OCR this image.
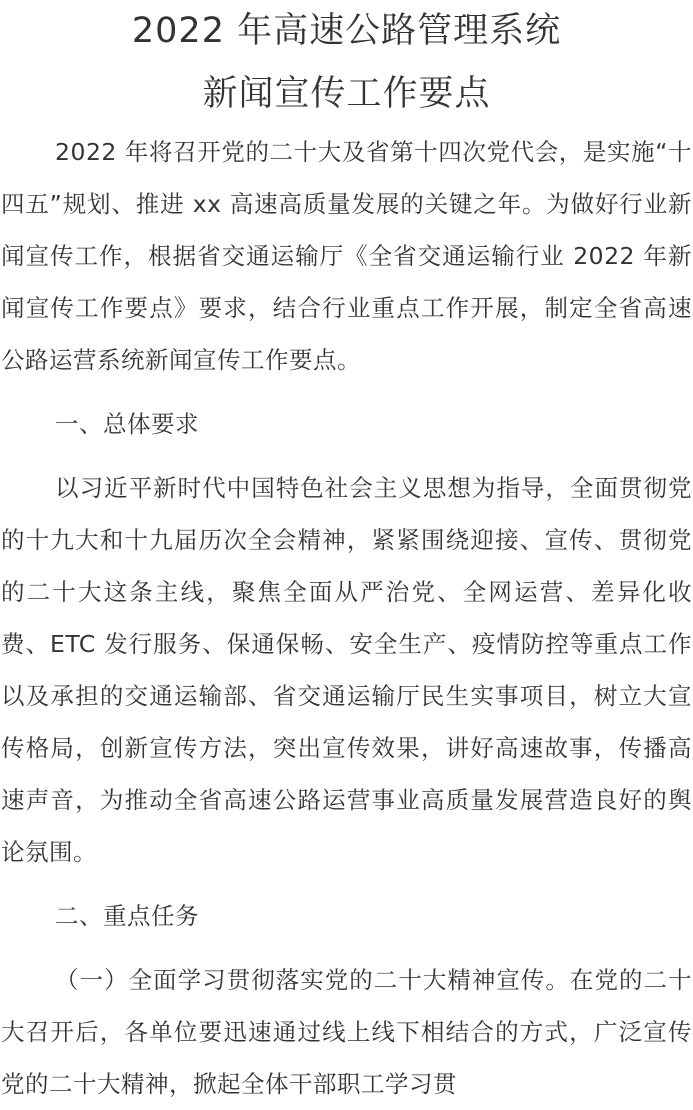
2022 年高速公路管理系统
新闻宣传工作要点

2022 年将召开党的二十大及省第十四次党代会，是实施“十四五”规划、推进 xx 高速高质量发展的关键之年。为做好行业新闻宣传工作，根据省交通运输厅《全省交通运输行业 2022 年新闻宣传工作要点》要求，结合行业重点工作开展，制定全省高速公路运营系统新闻宣传工作要点。

一、总体要求

以习近平新时代中国特色社会主义思想为指导，全面贯彻党的十九大和十九届历次全会精神，紧紧围绕迎接、宣传、贯彻党的二十大这条主线，聚焦全面从严治党、全网运营、差异化收费、ETC 发行服务、保通保畅、安全生产、疫情防控等重点工作以及承担的交通运输部、省交通运输厅民生实事项目，树立大宣传格局，创新宣传方法，突出宣传效果，讲好高速故事，传播高速声音，为推动全省高速公路运营事业高质量发展营造良好的舆论氛围。

二、重点任务

（一）全面学习贯彻落实党的二十大精神宣传。在党的二十大召开后，各单位要迅速通过线上线下相结合的方式，广泛宣传党的二十大精神，掀起全体干部职工学习贯
